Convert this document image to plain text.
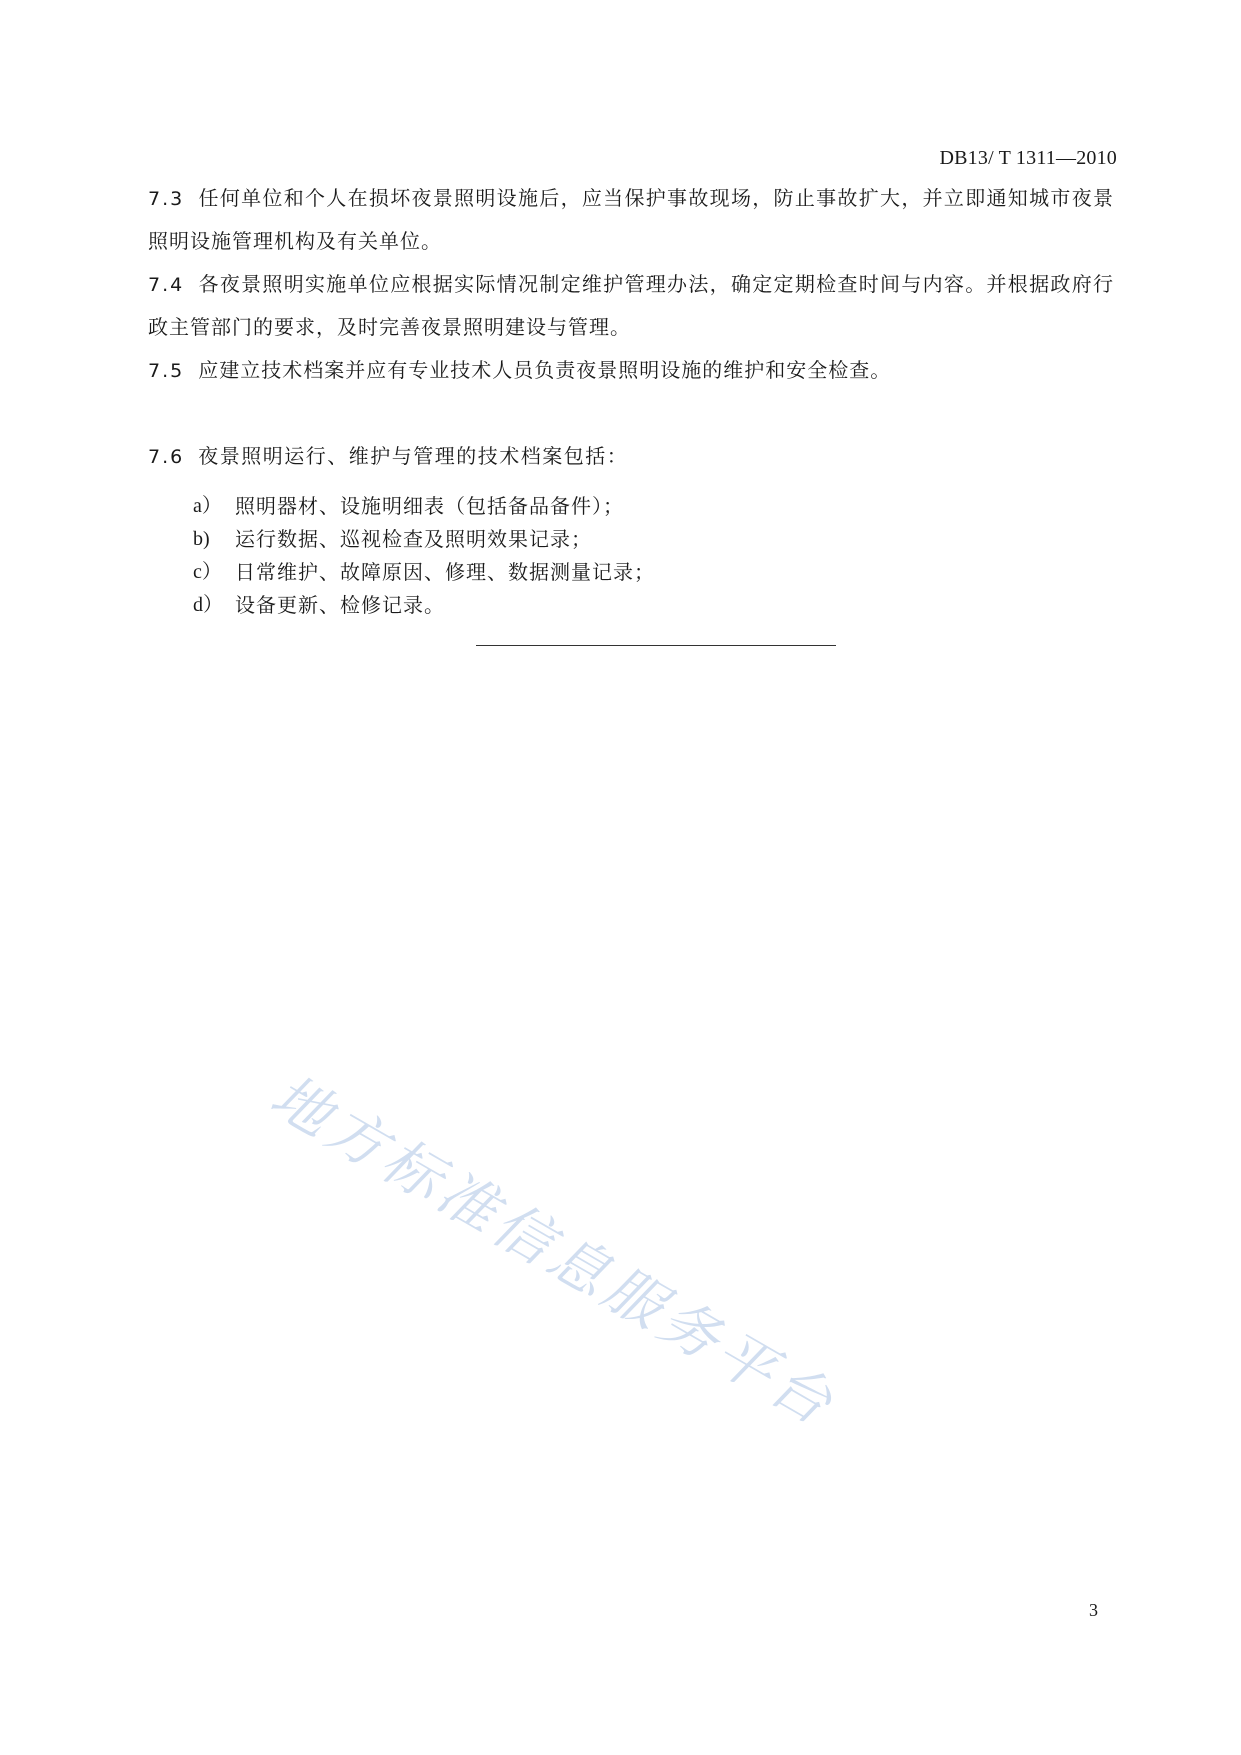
DB13/ T 1311—2010
7.3 任何单位和个人在损坏夜景照明设施后，应当保护事故现场，防止事故扩大，并立即通知城市夜景照明设施管理机构及有关单位。
7.4 各夜景照明实施单位应根据实际情况制定维护管理办法，确定定期检查时间与内容。并根据政府行政主管部门的要求，及时完善夜景照明建设与管理。
7.5 应建立技术档案并应有专业技术人员负责夜景照明设施的维护和安全检查。
7.6 夜景照明运行、维护与管理的技术档案包括：
a） 照明器材、设施明细表（包括备品备件）；
b)	运行数据、巡视检查及照明效果记录；
c） 日常维护、故障原因、修理、数据测量记录；
d） 设备更新、检修记录。
地方标准信息服务平台
3
